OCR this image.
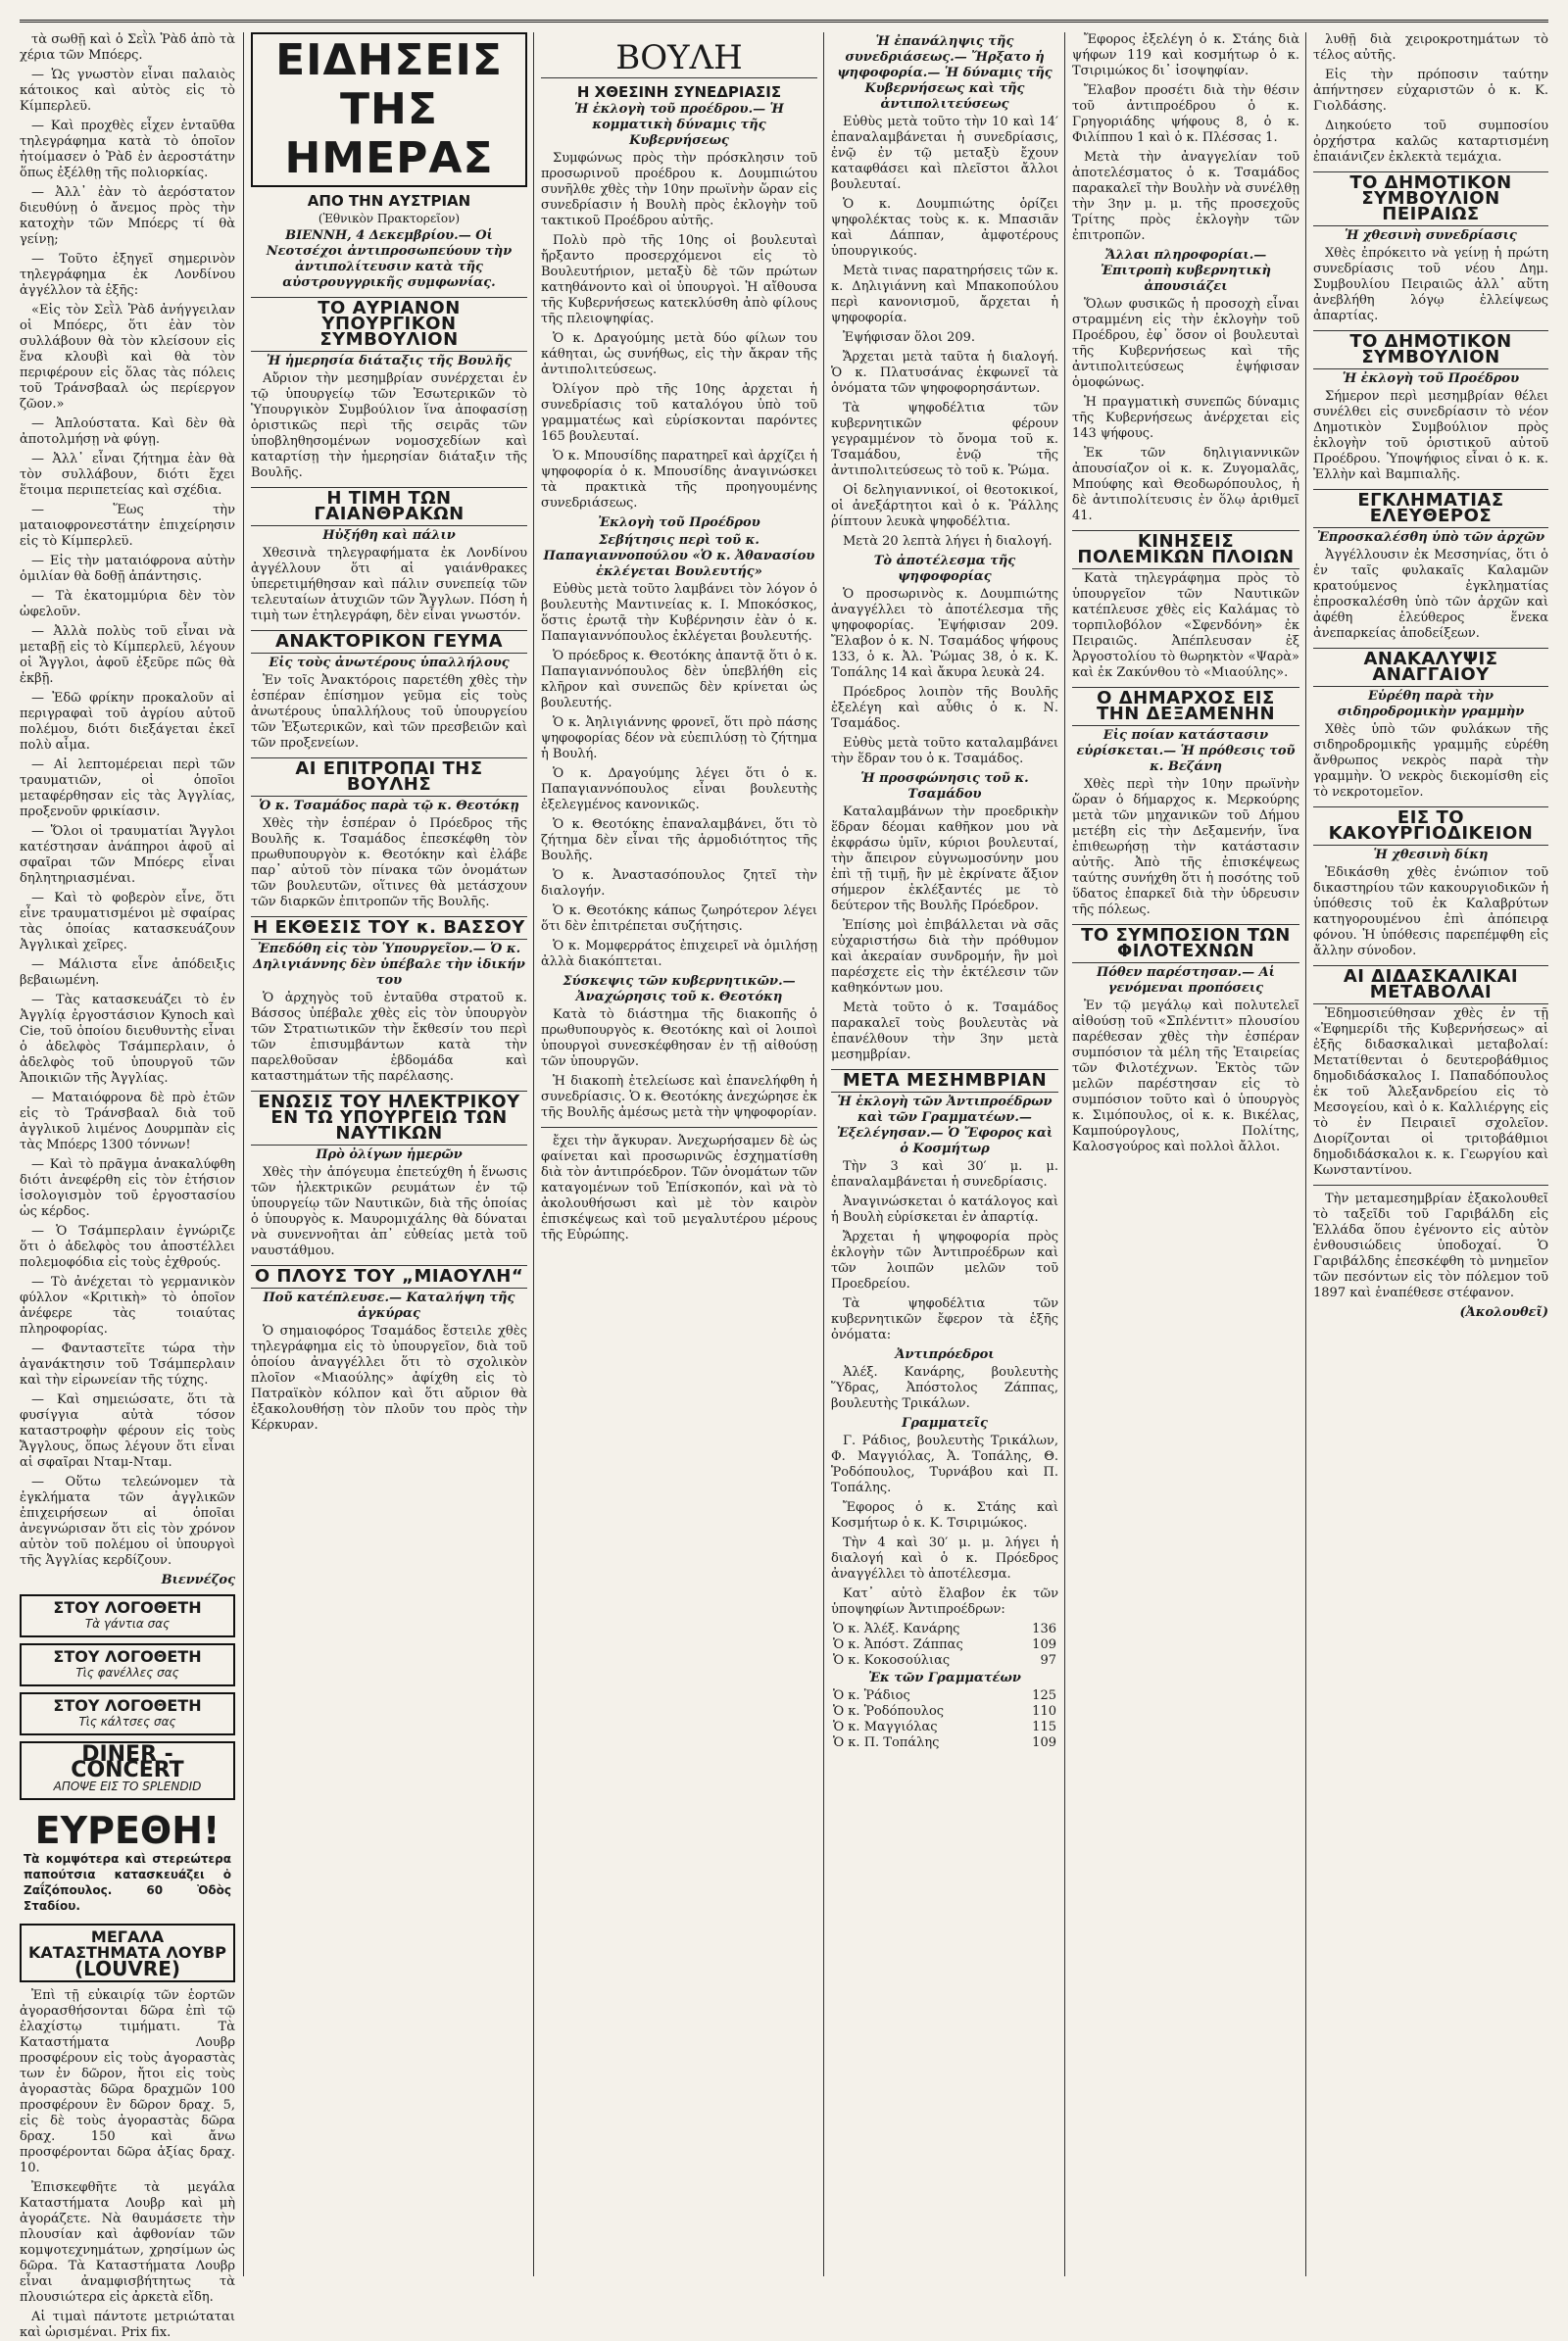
τὰ σωθῇ καὶ ὁ Σεῒλ Ῥὰδ ἀπὸ τὰ χέρια τῶν Μπόερς.

— Ὡς γνωστὸν εἶναι παλαιὸς κάτοικος καὶ αὐτὸς εἰς τὸ Κίμπερλεϋ.

— Καὶ προχθὲς εἶχεν ἐνταῦθα τηλεγράφημα κατὰ τὸ ὁποῖον ἠτοίμασεν ὁ Ῥὰδ ἐν ἀεροστάτην ὅπως ἐξέλθῃ τῆς πολιορκίας.

— Ἀλλ᾽ ἐὰν τὸ ἀερόστατον διευθύνῃ ὁ ἄνεμος πρὸς τὴν κατοχὴν τῶν Μπόερς τί θὰ γείνῃ;

— Τοῦτο ἐξηγεῖ σημερινὸν τηλεγράφημα ἐκ Λονδίνου ἀγγέλλον τὰ ἑξῆς:

«Εἰς τὸν Σεῒλ Ῥὰδ ἀνήγγειλαν οἱ Μπόερς, ὅτι ἐὰν τὸν συλλάβουν θὰ τὸν κλείσουν εἰς ἕνα κλουβὶ καὶ θὰ τὸν περιφέρουν εἰς ὅλας τὰς πόλεις τοῦ Τράνσβααλ ὡς περίεργον ζῶον.»

— Ἀπλούστατα. Καὶ δὲν θὰ ἀποτολμήσῃ νὰ φύγῃ.

— Ἀλλ᾽ εἶναι ζήτημα ἐὰν θὰ τὸν συλλάβουν, διότι ἔχει ἕτοιμα περιπετείας καὶ σχέδια.

— Ἕως τὴν ματαιοφρονεστάτην ἐπιχείρησιν εἰς τὸ Κίμπερλεϋ.

— Εἰς τὴν ματαιόφρονα αὐτὴν ὁμιλίαν θὰ δοθῇ ἀπάντησις.

— Τὰ ἐκατομμύρια δὲν τὸν ὠφελοῦν.

— Ἀλλὰ πολὺς τοῦ εἶναι νὰ μεταβῇ εἰς τὸ Κίμπερλεϋ, λέγουν οἱ Ἄγγλοι, ἀφοῦ ἐξεῦρε πῶς θὰ ἐκβῇ.

— Ἐδῶ φρίκην προκαλοῦν αἱ περιγραφαὶ τοῦ ἀγρίου αὐτοῦ πολέμου, διότι διεξάγεται ἐκεῖ πολὺ αἷμα.

— Αἱ λεπτομέρειαι περὶ τῶν τραυματιῶν, οἱ ὁποῖοι μεταφέρθησαν εἰς τὰς Ἀγγλίας, προξενοῦν φρικίασιν.

— Ὅλοι οἱ τραυματίαι Ἄγγλοι κατέστησαν ἀνάπηροι ἀφοῦ αἱ σφαῖραι τῶν Μπόερς εἶναι δηλητηριασμέναι.

— Καὶ τὸ φοβερὸν εἶνε, ὅτι εἶνε τραυματισμένοι μὲ σφαίρας τὰς ὁποίας κατασκευάζουν Ἀγγλικαὶ χεῖρες.

— Μάλιστα εἶνε ἀπόδειξις βεβαιωμένη.

— Τὰς κατασκευάζει τὸ ἐν Ἀγγλίᾳ ἐργοστάσιον Kynoch καὶ Cie, τοῦ ὁποίου διευθυντὴς εἶναι ὁ ἀδελφὸς Τσάμπερλαιν, ὁ ἀδελφὸς τοῦ ὑπουργοῦ τῶν Ἀποικιῶν τῆς Ἀγγλίας.

— Ματαιόφρονα δὲ πρὸ ἐτῶν εἰς τὸ Τράνσβααλ διὰ τοῦ ἀγγλικοῦ λιμένος Δουρμπὰν εἰς τὰς Μπόερς 1300 τόννων!

— Καὶ τὸ πρᾶγμα ἀνακαλύφθη διότι ἀνεφέρθη εἰς τὸν ἐτήσιον ἰσολογισμὸν τοῦ ἐργοστασίου ὡς κέρδος.

— Ὁ Τσάμπερλαιν ἐγνώριζε ὅτι ὁ ἀδελφὸς του ἀποστέλλει πολεμοφόδια εἰς τοὺς ἐχθρούς.

— Τὸ ἀνέχεται τὸ γερμανικὸν φύλλον «Κριτικὴ» τὸ ὁποῖον ἀνέφερε τὰς τοιαύτας πληροφορίας.

— Φανταστεῖτε τώρα τὴν ἀγανάκτησιν τοῦ Τσάμπερλαιν καὶ τὴν εἰρωνείαν τῆς τύχης.

— Καὶ σημειώσατε, ὅτι τὰ φυσίγγια αὐτὰ τόσον καταστροφὴν φέρουν εἰς τοὺς Ἄγγλους, ὅπως λέγουν ὅτι εἶναι αἱ σφαῖραι Νταμ-Νταμ.

— Οὕτω τελεώνομεν τὰ ἐγκλήματα τῶν ἀγγλικῶν ἐπιχειρήσεων αἱ ὁποῖαι ἀνεγνώρισαν ὅτι εἰς τὸν χρόνον αὐτὸν τοῦ πολέμου οἱ ὑπουργοὶ τῆς Ἀγγλίας κερδίζουν.

Βιεννέζος
ΣΤΟΥ ΛΟΓΟΘΕΤΗ
Τὰ γάντια σας
ΣΤΟΥ ΛΟΓΟΘΕΤΗ
Τὶς φανέλλες σας
ΣΤΟΥ ΛΟΓΟΘΕΤΗ
Τὶς κάλτσες σας
DINER - CONCERT
ΑΠΟΨΕ ΕΙΣ ΤΟ SPLENDID
ΕΥΡΕΘΗ!
Τὰ κομψότερα καὶ στερεώτερα παπούτσια κατασκευάζει ὁ Ζαΐζόπουλος. 60 Ὁδὸς Σταδίου.
ΜΕΓΑΛΑ ΚΑΤΑΣΤΗΜΑΤΑ ΛΟΥΒΡ
(LOUVRE)

Ἐπὶ τῇ εὐκαιρίᾳ τῶν ἑορτῶν ἀγορασθήσονται δῶρα ἐπὶ τῷ ἐλαχίστῳ τιμήματι. Τὰ Καταστήματα Λουβρ προσφέρουν εἰς τοὺς ἀγοραστὰς των ἐν δῶρον, ἤτοι εἰς τοὺς ἀγοραστὰς δῶρα δραχμῶν 100 προσφέρουν ἓν δῶρον δραχ. 5, εἰς δὲ τοὺς ἀγοραστὰς δῶρα δραχ. 150 καὶ ἄνω προσφέρονται δῶρα ἀξίας δραχ. 10.

Ἐπισκεφθῆτε τὰ μεγάλα Καταστήματα Λουβρ καὶ μὴ ἀγοράζετε. Νὰ θαυμάσετε τὴν πλουσίαν καὶ ἀφθονίαν τῶν κομψοτεχνημάτων, χρησίμων ὡς δῶρα. Τὰ Καταστήματα Λουβρ εἶναι ἀναμφισβήτητως τὰ πλουσιώτερα εἰς ἀρκετὰ εἴδη.

Αἱ τιμαὶ πάντοτε μετριώταται καὶ ὡρισμέναι. Prix fix.

ΕΙΔΗΣΕΙΣ ΤΗΣ ΗΜΕΡΑΣ
ΑΠΟ ΤΗΝ ΑΥΣΤΡΙΑΝ
(Ἐθνικὸν Πρακτορεῖον)
ΒΙΕΝΝΗ, 4 Δεκεμβρίου.— Οἱ Νεοτσέχοι ἀντιπροσωπεύουν τὴν ἀντιπολίτευσιν κατὰ τῆς αὐστρουγγρικῆς συμφωνίας.
ΤΟ ΑΥΡΙΑΝΟΝ ΥΠΟΥΡΓΙΚΟΝ ΣΥΜΒΟΥΛΙΟΝ
Ἡ ἡμερησία διάταξις τῆς Βουλῆς

Αὔριον τὴν μεσημβρίαν συνέρχεται ἐν τῷ ὑπουργείῳ τῶν Ἐσωτερικῶν τὸ Ὑπουργικὸν Συμβούλιον ἵνα ἀποφασίσῃ ὁριστικῶς περὶ τῆς σειρᾶς τῶν ὑποβληθησομένων νομοσχεδίων καὶ καταρτίσῃ τὴν ἡμερησίαν διάταξιν τῆς Βουλῆς.

Η ΤΙΜΗ ΤΩΝ ΓΑΙΑΝΘΡΑΚΩΝ
Ηὐξήθη καὶ πάλιν

Χθεσινὰ τηλεγραφήματα ἐκ Λονδίνου ἀγγέλλουν ὅτι αἱ γαιάνθρακες ὑπερετιμήθησαν καὶ πάλιν συνεπείᾳ τῶν τελευταίων ἀτυχιῶν τῶν Ἄγγλων. Πόση ἡ τιμὴ των ἐτηλεγράφη, δὲν εἶναι γνωστόν.

ΑΝΑΚΤΟΡΙΚΟΝ ΓΕΥΜΑ
Εἰς τοὺς ἀνωτέρους ὑπαλλήλους

Ἐν τοῖς Ἀνακτόροις παρετέθη χθὲς τὴν ἑσπέραν ἐπίσημον γεῦμα εἰς τοὺς ἀνωτέρους ὑπαλλήλους τοῦ ὑπουργείου τῶν Ἐξωτερικῶν, καὶ τῶν πρεσβειῶν καὶ τῶν προξενείων.

ΑΙ ΕΠΙΤΡΟΠΑΙ ΤΗΣ ΒΟΥΛΗΣ
Ὁ κ. Τσαμάδος παρὰ τῷ κ. Θεοτόκῃ

Χθὲς τὴν ἑσπέραν ὁ Πρόεδρος τῆς Βουλῆς κ. Τσαμάδος ἐπεσκέφθη τὸν πρωθυπουργὸν κ. Θεοτόκην καὶ ἐλάβε παρ᾽ αὐτοῦ τὸν πίνακα τῶν ὀνομάτων τῶν βουλευτῶν, οἵτινες θὰ μετάσχουν τῶν διαρκῶν ἐπιτροπῶν τῆς Βουλῆς.

Η ΕΚΘΕΣΙΣ ΤΟΥ κ. ΒΑΣΣΟΥ
Ἐπεδόθη εἰς τὸν Ὑπουργεῖον.— Ὁ κ. Δηλιγιάννης δὲν ὑπέβαλε τὴν ἰδικήν του

Ὁ ἀρχηγὸς τοῦ ἐνταῦθα στρατοῦ κ. Βάσσος ὑπέβαλε χθὲς εἰς τὸν ὑπουργὸν τῶν Στρατιωτικῶν τὴν ἔκθεσίν του περὶ τῶν ἐπισυμβάντων κατὰ τὴν παρελθοῦσαν ἑβδομάδα καὶ καταστημάτων τῆς παρέλασης.

ΕΝΩΣΙΣ ΤΟΥ ΗΛΕΚΤΡΙΚΟΥ ΕΝ ΤΩ ΥΠΟΥΡΓΕΙΩ ΤΩΝ ΝΑΥΤΙΚΩΝ
Πρὸ ὀλίγων ἡμερῶν

Χθὲς τὴν ἀπόγευμα ἐπετεύχθη ἡ ἕνωσις τῶν ἠλεκτρικῶν ρευμάτων ἐν τῷ ὑπουργείῳ τῶν Ναυτικῶν, διὰ τῆς ὁποίας ὁ ὑπουργὸς κ. Μαυρομιχάλης θὰ δύναται νὰ συνεννοῆται ἀπ᾽ εὐθείας μετὰ τοῦ ναυστάθμου.

Ο ΠΛΟΥΣ ΤΟΥ „ΜΙΑΟΥΛΗ“
Ποῦ κατέπλευσε.— Καταλήψη τῆς ἀγκύρας

Ὁ σημαιοφόρος Τσαμάδος ἔστειλε χθὲς τηλεγράφημα εἰς τὸ ὑπουργεῖον, διὰ τοῦ ὁποίου ἀναγγέλλει ὅτι τὸ σχολικὸν πλοῖον «Μιαούλης» ἀφίχθη εἰς τὸ Πατραϊκὸν κόλπον καὶ ὅτι αὔριον θὰ ἐξακολουθήσῃ τὸν πλοῦν του πρὸς τὴν Κέρκυραν.

ΒΟΥΛΗ
Η ΧΘΕΣΙΝΗ ΣΥΝΕΔΡΙΑΣΙΣ
Ἡ ἐκλογὴ τοῦ προέδρου.— Ἡ κομματικὴ δύναμις τῆς Κυβερνήσεως

Συμφώνως πρὸς τὴν πρόσκλησιν τοῦ προσωρινοῦ προέδρου κ. Δουμπιώτου συνῆλθε χθὲς τὴν 10ην πρωϊνὴν ὥραν εἰς συνεδρίασιν ἡ Βουλὴ πρὸς ἐκλογὴν τοῦ τακτικοῦ Προέδρου αὐτῆς.

Πολὺ πρὸ τῆς 10ης οἱ βουλευταὶ ἤρξαντο προσερχόμενοι εἰς τὸ Βουλευτήριον, μεταξὺ δὲ τῶν πρώτων κατηθάνοντο καὶ οἱ ὑπουργοὶ. Ἡ αἴθουσα τῆς Κυβερνήσεως κατεκλύσθη ἀπὸ φίλους τῆς πλειοψηφίας.

Ὁ κ. Δραγούμης μετὰ δύο φίλων του κάθηται, ὡς συνήθως, εἰς τὴν ἄκραν τῆς ἀντιπολιτεύσεως.

Ὀλίγον πρὸ τῆς 10ης ἀρχεται ἡ συνεδρίασις τοῦ καταλόγου ὑπὸ τοῦ γραμματέως καὶ εὑρίσκονται παρόντες 165 βουλευταί.

Ὁ κ. Μπουσίδης παρατηρεῖ καὶ ἀρχίζει ἡ ψηφοφορία ὁ κ. Μπουσίδης ἀναγινώσκει τὰ πρακτικὰ τῆς προηγουμένης συνεδριάσεως.

Ἐκλογὴ τοῦ Προέδρου
Σεβήτησις περὶ τοῦ κ. Παπαγιαννοπούλου «Ὁ κ. Ἀθανασίου ἐκλέγεται Βουλευτής»

Εὐθὺς μετὰ τοῦτο λαμβάνει τὸν λόγον ὁ βουλευτὴς Μαντινείας κ. Ι. Μποκόσκος, ὅστις ἐρωτᾷ τὴν Κυβέρνησιν ἐὰν ὁ κ. Παπαγιαννόπουλος ἐκλέγεται βουλευτής.

Ὁ πρόεδρος κ. Θεοτόκης ἀπαντᾷ ὅτι ὁ κ. Παπαγιαννόπουλος δὲν ὑπεβλήθη εἰς κλῆρον καὶ συνεπῶς δὲν κρίνεται ὡς βουλευτής.

Ὁ κ. Ἀηλιγιάννης φρονεῖ, ὅτι πρὸ πάσης ψηφοφορίας δέον νὰ εὐεπιλύσῃ τὸ ζήτημα ἡ Βουλή.

Ὁ κ. Δραγούμης λέγει ὅτι ὁ κ. Παπαγιαννόπουλος εἶναι βουλευτὴς ἐξελεγμένος κανονικῶς.

Ὁ κ. Θεοτόκης ἐπαναλαμβάνει, ὅτι τὸ ζήτημα δὲν εἶναι τῆς ἁρμοδιότητος τῆς Βουλῆς.

Ὁ κ. Ἀναστασόπουλος ζητεῖ τὴν διαλογήν.

Ὁ κ. Θεοτόκης κάπως ζωηρότερον λέγει ὅτι δὲν ἐπιτρέπεται συζήτησις.

Ὁ κ. Μομφερράτος ἐπιχειρεῖ νὰ ὁμιλήσῃ ἀλλὰ διακόπτεται.

Σύσκεψις τῶν κυβερνητικῶν.— Ἀναχώρησις τοῦ κ. Θεοτόκη

Κατὰ τὸ διάστημα τῆς διακοπῆς ὁ πρωθυπουργὸς κ. Θεοτόκης καὶ οἱ λοιποὶ ὑπουργοὶ συνεσκέφθησαν ἐν τῇ αἰθούσῃ τῶν ὑπουργῶν.

Ἡ διακοπὴ ἐτελείωσε καὶ ἐπανελήφθη ἡ συνεδρίασις. Ὁ κ. Θεοτόκης ἀνεχώρησε ἐκ τῆς Βουλῆς ἀμέσως μετὰ τὴν ψηφοφορίαν.

ἔχει τὴν ἄγκυραν. Ἀνεχωρήσαμεν δὲ ὡς φαίνεται καὶ προσωρινῶς ἐσχηματίσθη διὰ τὸν ἀντιπρόεδρον. Τῶν ὀνομάτων τῶν καταγομένων τοῦ Ἐπίσκοπόν, καὶ νὰ τὸ ἀκολουθήσωσι καὶ μὲ τὸν καιρὸν ἐπισκέψεως καὶ τοῦ μεγαλυτέρου μέρους τῆς Εὐρώπης.

Ἡ ἐπανάληψις τῆς συνεδριάσεως.— Ἤρξατο ἡ ψηφοφορία.— Ἡ δύναμις τῆς Κυβερνήσεως καὶ τῆς ἀντιπολιτεύσεως

Εὐθὺς μετὰ τοῦτο τὴν 10 καὶ 14′ ἐπαναλαμβάνεται ἡ συνεδρίασις, ἐνῷ ἐν τῷ μεταξὺ ἔχουν καταφθάσει καὶ πλεῖστοι ἄλλοι βουλευταί.

Ὁ κ. Δουμπιώτης ὁρίζει ψηφολέκτας τοὺς κ. κ. Μπασιᾶν καὶ Δάππαν, ἀμφοτέρους ὑπουργικούς.

Μετὰ τινας παρατηρήσεις τῶν κ. κ. Δηλιγιάννη καὶ Μπακοπούλου περὶ κανονισμοῦ, ἄρχεται ἡ ψηφοφορία.

Ἐψήφισαν ὅλοι 209.

Ἄρχεται μετὰ ταῦτα ἡ διαλογή. Ὁ κ. Πλατυσάνας ἐκφωνεῖ τὰ ὀνόματα τῶν ψηφοφορησάντων.

Τὰ ψηφοδέλτια τῶν κυβερνητικῶν φέρουν γεγραμμένον τὸ ὄνομα τοῦ κ. Τσαμάδου, ἐνῷ τῆς ἀντιπολιτεύσεως τὸ τοῦ κ. Ῥώμα.

Οἱ δεληγιαννικοί, οἱ θεοτοκικοί, οἱ ἀνεξάρτητοι καὶ ὁ κ. Ῥάλλης ῥίπτουν λευκὰ ψηφοδέλτια.

Μετὰ 20 λεπτὰ λήγει ἡ διαλογή.

Τὸ ἀποτέλεσμα τῆς ψηφοφορίας

Ὁ προσωρινὸς κ. Δουμπιώτης ἀναγγέλλει τὸ ἀποτέλεσμα τῆς ψηφοφορίας. Ἐψήφισαν 209. Ἔλαβον ὁ κ. Ν. Τσαμάδος ψήφους 133, ὁ κ. Ἀλ. Ῥώμας 38, ὁ κ. Κ. Τοπάλης 14 καὶ ἄκυρα λευκὰ 24.

Πρόεδρος λοιπὸν τῆς Βουλῆς ἐξελέγη καὶ αὖθις ὁ κ. Ν. Τσαμάδος.

Εὐθὺς μετὰ τοῦτο καταλαμβάνει τὴν ἕδραν του ὁ κ. Τσαμάδος.

Ἡ προσφώνησις τοῦ κ. Τσαμάδου

Καταλαμβάνων τὴν προεδρικὴν ἕδραν δέομαι καθῆκον μου νὰ ἐκφράσω ὑμῖν, κύριοι βουλευταί, τὴν ἄπειρον εὐγνωμοσύνην μου ἐπὶ τῇ τιμῇ, ἣν μὲ ἐκρίνατε ἄξιον σήμερον ἐκλέξαντές με τὸ δεύτερον τῆς Βουλῆς Πρόεδρον.

Ἐπίσης μοὶ ἐπιβάλλεται νὰ σᾶς εὐχαριστήσω διὰ τὴν πρόθυμον καὶ ἀκεραίαν συνδρομήν, ἣν μοὶ παρέσχετε εἰς τὴν ἐκτέλεσιν τῶν καθηκόντων μου.

Μετὰ τοῦτο ὁ κ. Τσαμάδος παρακαλεῖ τοὺς βουλευτὰς νὰ ἐπανέλθουν τὴν 3ην μετὰ μεσημβρίαν.

ΜΕΤΑ ΜΕΣΗΜΒΡΙΑΝ
Ἡ ἐκλογὴ τῶν Ἀντιπροέδρων καὶ τῶν Γραμματέων.— Ἐξελέγησαν.— Ὁ Ἔφορος καὶ ὁ Κοσμήτωρ

Τὴν 3 καὶ 30′ μ. μ. ἐπαναλαμβάνεται ἡ συνεδρίασις.

Ἀναγινώσκεται ὁ κατάλογος καὶ ἡ Βουλὴ εὑρίσκεται ἐν ἀπαρτίᾳ.

Ἄρχεται ἡ ψηφοφορία πρὸς ἐκλογὴν τῶν Ἀντιπροέδρων καὶ τῶν λοιπῶν μελῶν τοῦ Προεδρείου.

Τὰ ψηφοδέλτια τῶν κυβερνητικῶν ἔφερον τὰ ἑξῆς ὀνόματα:

Ἀντιπρόεδροι

Ἀλέξ. Κανάρης, βουλευτὴς Ὕδρας, Ἀπόστολος Ζάππας, βουλευτὴς Τρικάλων.

Γραμματεῖς

Γ. Ράδιος, βουλευτὴς Τρικάλων, Φ. Μαγγιόλας, Ἀ. Τοπάλης, Θ. Ῥοδόπουλος, Τυρνάβου καὶ Π. Τοπάλης.

Ἔφορος ὁ κ. Στάης καὶ Κοσμήτωρ ὁ κ. Κ. Τσιριμώκος.

Τὴν 4 καὶ 30′ μ. μ. λήγει ἡ διαλογή καὶ ὁ κ. Πρόεδρος ἀναγγέλλει τὸ ἀποτέλεσμα.

Κατ᾽ αὐτὸ ἔλαβον ἐκ τῶν ὑποψηφίων Ἀντιπροέδρων:

Ὁ κ. Ἀλέξ. Κανάρης	136
Ὁ κ. Ἀπόστ. Ζάππας	109
Ὁ κ. Κοκοσούλιας	97
Ἐκ τῶν Γραμματέων
Ὁ κ. Ῥάδιος	125
Ὁ κ. Ῥοδόπουλος	110
Ὁ κ. Μαγγιόλας	115
Ὁ κ. Π. Τοπάλης	109

Ἔφορος ἐξελέγη ὁ κ. Στάης διὰ ψήφων 119 καὶ κοσμήτωρ ὁ κ. Τσιριμώκος δι᾽ ἰσοψηφίαν.

Ἔλαβον προσέτι διὰ τὴν θέσιν τοῦ ἀντιπροέδρου ὁ κ. Γρηγοριάδης ψήφους 8, ὁ κ. Φιλίππου 1 καὶ ὁ κ. Πλέσσας 1.

Μετὰ τὴν ἀναγγελίαν τοῦ ἀποτελέσματος ὁ κ. Τσαμάδος παρακαλεῖ τὴν Βουλὴν νὰ συνέλθῃ τὴν 3ην μ. μ. τῆς προσεχοῦς Τρίτης πρὸς ἐκλογὴν τῶν ἐπιτροπῶν.

Ἄλλαι πληροφορίαι.— Ἐπιτροπὴ κυβερνητικὴ ἀπουσιάζει

Ὅλων φυσικῶς ἡ προσοχὴ εἶναι στραμμένη εἰς τὴν ἐκλογὴν τοῦ Προέδρου, ἐφ᾽ ὅσον οἱ βουλευταὶ τῆς Κυβερνήσεως καὶ τῆς ἀντιπολιτεύσεως ἐψήφισαν ὁμοφώνως.

Ἡ πραγματικὴ συνεπῶς δύναμις τῆς Κυβερνήσεως ἀνέρχεται εἰς 143 ψήφους.

Ἐκ τῶν δηλιγιαννικῶν ἀπουσίαζον οἱ κ. κ. Ζυγομαλᾶς, Μπούφης καὶ Θεοδωρόπουλος, ἡ δὲ ἀντιπολίτευσις ἐν ὅλῳ ἀριθμεῖ 41.

ΚΙΝΗΣΕΙΣ ΠΟΛΕΜΙΚΩΝ ΠΛΟΙΩΝ

Κατὰ τηλεγράφημα πρὸς τὸ ὑπουργεῖον τῶν Ναυτικῶν κατέπλευσε χθὲς εἰς Καλάμας τὸ τορπιλοβόλον «Σφενδόνη» ἐκ Πειραιῶς. Ἀπέπλευσαν ἐξ Ἀργοστολίου τὸ θωρηκτὸν «Ψαρὰ» καὶ ἐκ Ζακύνθου τὸ «Μιαούλης».

Ο ΔΗΜΑΡΧΟΣ ΕΙΣ ΤΗΝ ΔΕΞΑΜΕΝΗΝ
Εἰς ποίαν κατάστασιν εὑρίσκεται.— Ἡ πρόθεσις τοῦ κ. Βεζάνη

Χθὲς περὶ τὴν 10ην πρωϊνὴν ὥραν ὁ δήμαρχος κ. Μερκούρης μετὰ τῶν μηχανικῶν τοῦ Δήμου μετέβη εἰς τὴν Δεξαμενήν, ἵνα ἐπιθεωρήσῃ τὴν κατάστασιν αὐτῆς. Ἀπὸ τῆς ἐπισκέψεως ταύτης συνήχθη ὅτι ἡ ποσότης τοῦ ὕδατος ἐπαρκεῖ διὰ τὴν ὑδρευσιν τῆς πόλεως.

ΤΟ ΣΥΜΠΟΣΙΟΝ ΤΩΝ ΦΙΛΟΤΕΧΝΩΝ
Πόθεν παρέστησαν.— Αἱ γενόμεναι προπόσεις

Ἐν τῷ μεγάλῳ καὶ πολυτελεῖ αἰθούσῃ τοῦ «Σπλέντιτ» πλουσίου παρέθεσαν χθὲς τὴν ἑσπέραν συμπόσιον τὰ μέλη τῆς Ἑταιρείας τῶν Φιλοτέχνων. Ἐκτὸς τῶν μελῶν παρέστησαν εἰς τὸ συμπόσιον τοῦτο καὶ ὁ ὑπουργὸς κ. Σιμόπουλος, οἱ κ. κ. Βικέλας, Καμπούρογλους, Πολίτης, Καλοσγούρος καὶ πολλοὶ ἄλλοι.

λυθῇ διὰ χειροκροτημάτων τὸ τέλος αὐτῆς.

Εἰς τὴν πρόποσιν ταύτην ἀπήντησεν εὐχαριστῶν ὁ κ. Κ. Γιολδάσης.

Διηκούετο τοῦ συμποσίου ὀρχήστρα καλῶς καταρτισμένη ἐπαιάνιζεν ἐκλεκτὰ τεμάχια.

ΤΟ ΔΗΜΟΤΙΚΟΝ ΣΥΜΒΟΥΛΙΟΝ ΠΕΙΡΑΙΩΣ
Ἡ χθεσινὴ συνεδρίασις

Χθὲς ἐπρόκειτο νὰ γείνῃ ἡ πρώτη συνεδρίασις τοῦ νέου Δημ. Συμβουλίου Πειραιῶς ἀλλ᾽ αὕτη ἀνεβλήθη λόγῳ ἐλλείψεως ἀπαρτίας.

ΤΟ ΔΗΜΟΤΙΚΟΝ ΣΥΜΒΟΥΛΙΟΝ
Ἡ ἐκλογὴ τοῦ Προέδρου

Σήμερον περὶ μεσημβρίαν θέλει συνέλθει εἰς συνεδρίασιν τὸ νέον Δημοτικὸν Συμβούλιον πρὸς ἐκλογὴν τοῦ ὁριστικοῦ αὐτοῦ Προέδρου. Ὑποψήφιος εἶναι ὁ κ. κ. Ἐλλὴν καὶ Βαμπιαλῆς.

ΕΓΚΛΗΜΑΤΙΑΣ ΕΛΕΥΘΕΡΟΣ
Ἐπροσκαλέσθη ὑπὸ τῶν ἀρχῶν

Ἀγγέλλουσιν ἐκ Μεσσηνίας, ὅτι ὁ ἐν ταῖς φυλακαῖς Καλαμῶν κρατούμενος ἐγκληματίας ἐπροσκαλέσθη ὑπὸ τῶν ἀρχῶν καὶ ἀφέθη ἐλεύθερος ἕνεκα ἀνεπαρκείας ἀποδείξεων.

ΑΝΑΚΑΛΥΨΙΣ ΑΝΑΓΓΑΙΟΥ
Εὑρέθη παρὰ τὴν σιδηροδρομικὴν γραμμὴν

Χθὲς ὑπὸ τῶν φυλάκων τῆς σιδηροδρομικῆς γραμμῆς εὑρέθη ἄνθρωπος νεκρὸς παρὰ τὴν γραμμὴν. Ὁ νεκρὸς διεκομίσθη εἰς τὸ νεκροτομεῖον.

ΕΙΣ ΤΟ ΚΑΚΟΥΡΓΙΟΔΙΚΕΙΟΝ
Ἡ χθεσινὴ δίκη

Ἐδικάσθη χθὲς ἐνώπιον τοῦ δικαστηρίου τῶν κακουργιοδικῶν ἡ ὑπόθεσις τοῦ ἐκ Καλαβρύτων κατηγορουμένου ἐπὶ ἀπόπειρᾳ φόνου. Ἡ ὑπόθεσις παρεπέμφθη εἰς ἄλλην σύνοδον.

ΑΙ ΔΙΔΑΣΚΑΛΙΚΑΙ ΜΕΤΑΒΟΛΑΙ

Ἐδημοσιεύθησαν χθὲς ἐν τῇ «Ἐφημερίδι τῆς Κυβερνήσεως» αἱ ἑξῆς διδασκαλικαὶ μεταβολαί: Μετατίθενται ὁ δευτεροβάθμιος δημοδιδάσκαλος Ι. Παπαδόπουλος ἐκ τοῦ Ἁλεξανδρείου εἰς τὸ Μεσογείου, καὶ ὁ κ. Καλλιέργης εἰς τὸ ἐν Πειραιεῖ σχολεῖον. Διορίζονται οἱ τριτοβάθμιοι δημοδιδάσκαλοι κ. κ. Γεωργίου καὶ Κωνσταντίνου.

Τὴν μεταμεσημβρίαν ἐξακολουθεῖ τὸ ταξεῖδι τοῦ Γαριβάλδη εἰς Ἑλλάδα ὅπου ἐγένοντο εἰς αὐτὸν ἐνθουσιώδεις ὑποδοχαί. Ὁ Γαριβάλδης ἐπεσκέφθη τὸ μνημεῖον τῶν πεσόντων εἰς τὸν πόλεμον τοῦ 1897 καὶ ἐναπέθεσε στέφανον.

(Ἀκολουθεῖ)
